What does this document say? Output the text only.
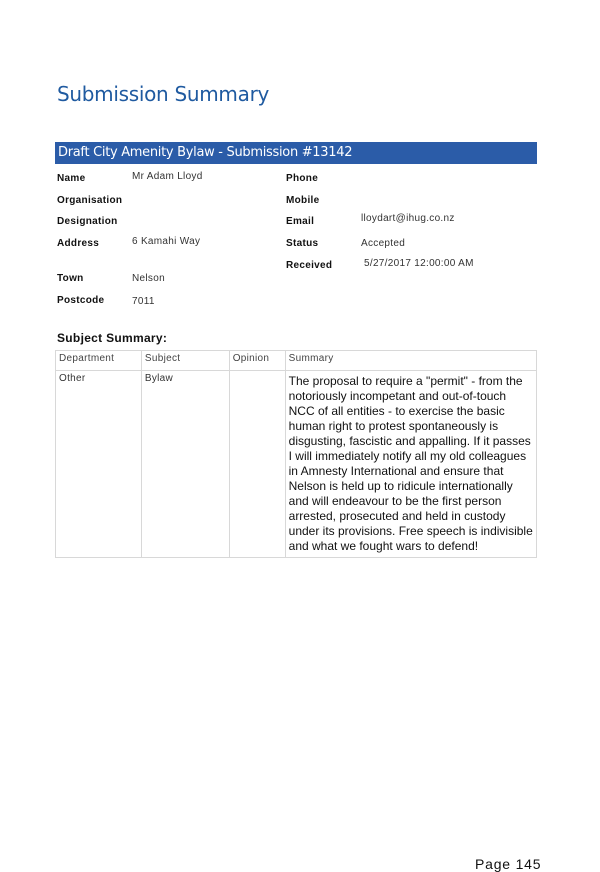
Submission Summary
Draft City Amenity Bylaw - Submission #13142
Name	Mr Adam Lloyd
Organisation
Designation
Address	6 Kamahi Way
Town	Nelson
Postcode	7011
Phone
Mobile
Email	lloydart@ihug.co.nz
Status	Accepted
Received	5/27/2017 12:00:00 AM
Subject Summary:
Department	Subject	Opinion	Summary
Other	Bylaw		The proposal to require a "permit" - from the notoriously incompetant and out-of-touch NCC of all entities - to exercise the basic human right to protest spontaneously is disgusting, fascistic and appalling. If it passes I will immediately notify all my old colleagues in Amnesty International and ensure that Nelson is held up to ridicule internationally and will endeavour to be the first person arrested, prosecuted and held in custody under its provisions. Free speech is indivisible and what we fought wars to defend!
Page 145
